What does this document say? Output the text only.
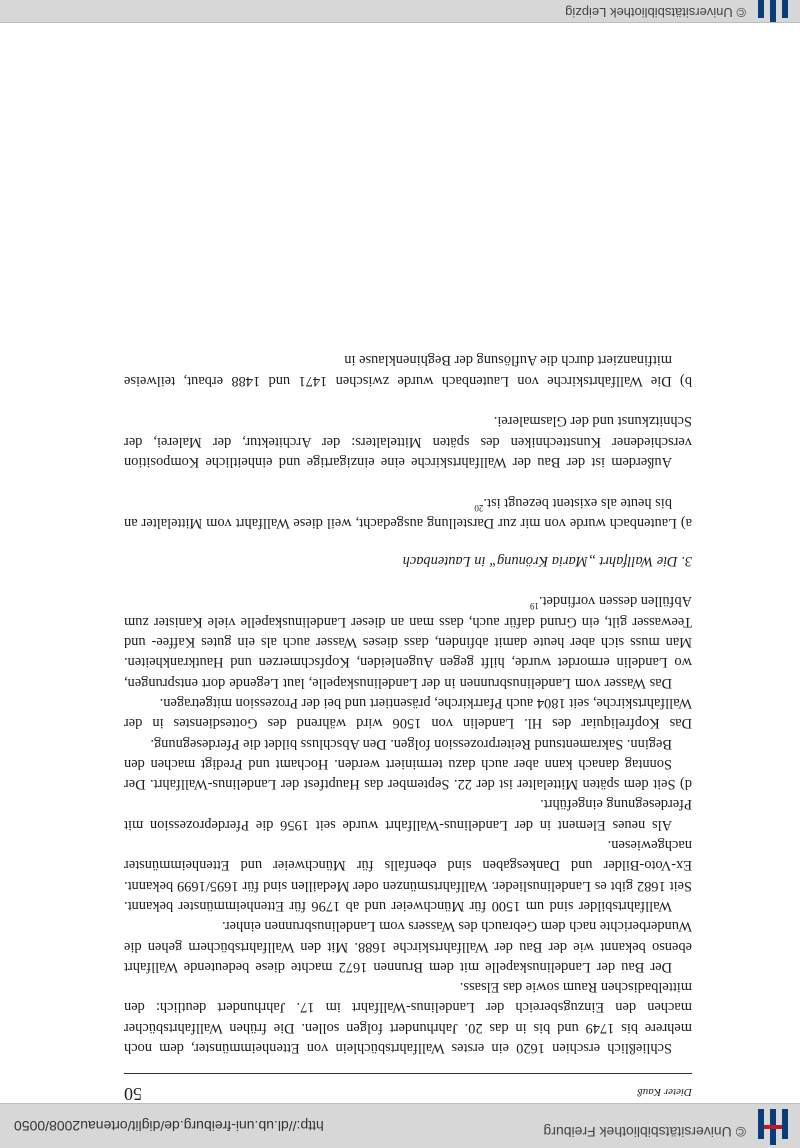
© Universitätsbibliothek Freiburg
http://dl.ub.uni-freiburg.de/diglit/ortenau2008/0050
Dieter Kauß
50

Schließlich erschien 1620 ein erstes Wallfahrtsbüchlein von Ettenheimmünster, dem noch mehrere bis 1749 und bis in das 20. Jahrhundert folgen sollen. Die frühen Wallfahrtsbücher machen den Einzugsbereich der Landelinus-Wallfahrt im 17. Jahrhundert deutlich: den mittelbadischen Raum sowie das Elsass.

Der Bau der Landelinuskapelle mit dem Brunnen 1672 machte diese bedeutende Wallfahrt ebenso bekannt wie der Bau der Wallfahrtskirche 1688. Mit den Wallfahrtsbüchern gehen die Wunderberichte nach dem Gebrauch des Wassers vom Landelinusbrunnen einher.

Wallfahrtsbilder sind um 1500 für Münchweier und ab 1796 für Ettenheimmünster bekannt. Seit 1682 gibt es Landelinuslieder. Wallfahrtsmünzen oder Medaillen sind für 1695/1699 bekannt. Ex-Voto-Bilder und Dankesgaben sind ebenfalls für Münchweier und Ettenheimmünster nachgewiesen.

Als neues Element in der Landelinus-Wallfahrt wurde seit 1956 die Pferdeprozession mit Pferdesegnung eingeführt.

d) Seit dem späten Mittelalter ist der 22. September das Hauptfest der Landelinus-Wallfahrt. Der Sonntag danach kann aber auch dazu terminiert werden. Hochamt und Predigt machen den Beginn. Sakramentsund Reiterprozession folgen. Den Abschluss bildet die Pferdesegnung.

Das Kopfreliquiar des Hl. Landelin von 1506 wird während des Gottesdienstes in der Wallfahrtskirche, seit 1804 auch Pfarrkirche, präsentiert und bei der Prozession mitgetragen.

Das Wasser vom Landelinusbrunnen in der Landelinuskapelle, laut Legende dort entsprungen, wo Landelin ermordet wurde, hilft gegen Augenleiden, Kopfschmerzen und Hautkrankheiten. Man muss sich aber heute damit abfinden, dass dieses Wasser auch als ein gutes Kaffee- und Teewasser gilt, ein Grund dafür auch, dass man an dieser Landelinuskapelle viele Kanister zum Abfüllen dessen vorfindet.$^{19}$

3. Die Wallfahrt „Maria Krönung“ in Lautenbach

a) Lautenbach wurde von mir zur Darstellung ausgedacht, weil diese Wallfahrt vom Mittelalter an bis heute als existent bezeugt ist.$^{20}$

Außerdem ist der Bau der Wallfahrtskirche eine einzigartige und einheitliche Komposition verschiedener Kunsttechniken des späten Mittelalters: der Architektur, der Malerei, der Schnitzkunst und der Glasmalerei.

b) Die Wallfahrtskirche von Lautenbach wurde zwischen 1471 und 1488 erbaut, teilweise mitfinanziert durch die Auflösung der Beghinenklause in

© Universitätsbibliothek Leipzig
